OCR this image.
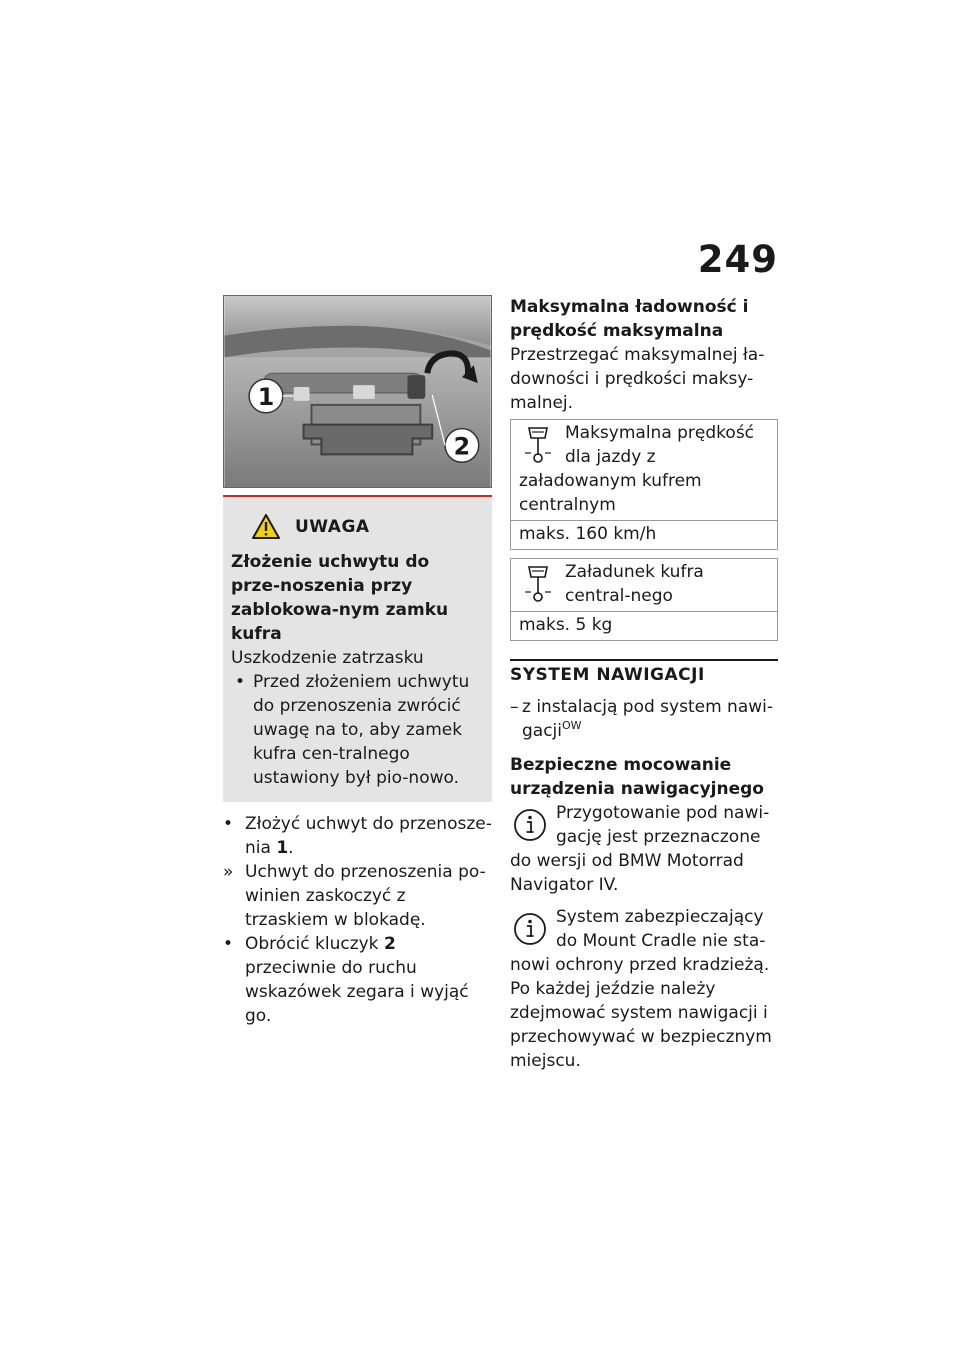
249
1
2
UWAGA
Złożenie uchwytu do prze-noszenia przy zablokowa-nym zamku kufra
Uszkodzenie zatrzasku
• Przed złożeniem uchwytu do przenoszenia zwrócić uwagę na to, aby zamek kufra cen-tralnego ustawiony był pio-nowo.
• Złożyć uchwyt do przenosze-nia 1.
» Uchwyt do przenoszenia po-winien zaskoczyć z trzaskiem w blokadę.
• Obrócić kluczyk 2 przeciwnie do ruchu wskazówek zegara i wyjąć go.
Maksymalna ładowność i prędkość maksymalna
Przestrzegać maksymalnej ła-downości i prędkości maksy-malnej.
Maksymalna prędkość dla jazdy z załadowanym kufrem centralnym
maks. 160 km/h
Załadunek kufra central-nego
maks. 5 kg
SYSTEM NAWIGACJI
– z instalacją pod system nawi-gacji$^{OW}$
Bezpieczne mocowanie urządzenia nawigacyjnego
Przygotowanie pod nawi-gację jest przeznaczone do wersji od BMW Motorrad Navigator IV.
System zabezpieczający do Mount Cradle nie sta-nowi ochrony przed kradzieżą. Po każdej jeździe należy zdejmować system nawigacji i przechowywać w bezpiecznym miejscu.
